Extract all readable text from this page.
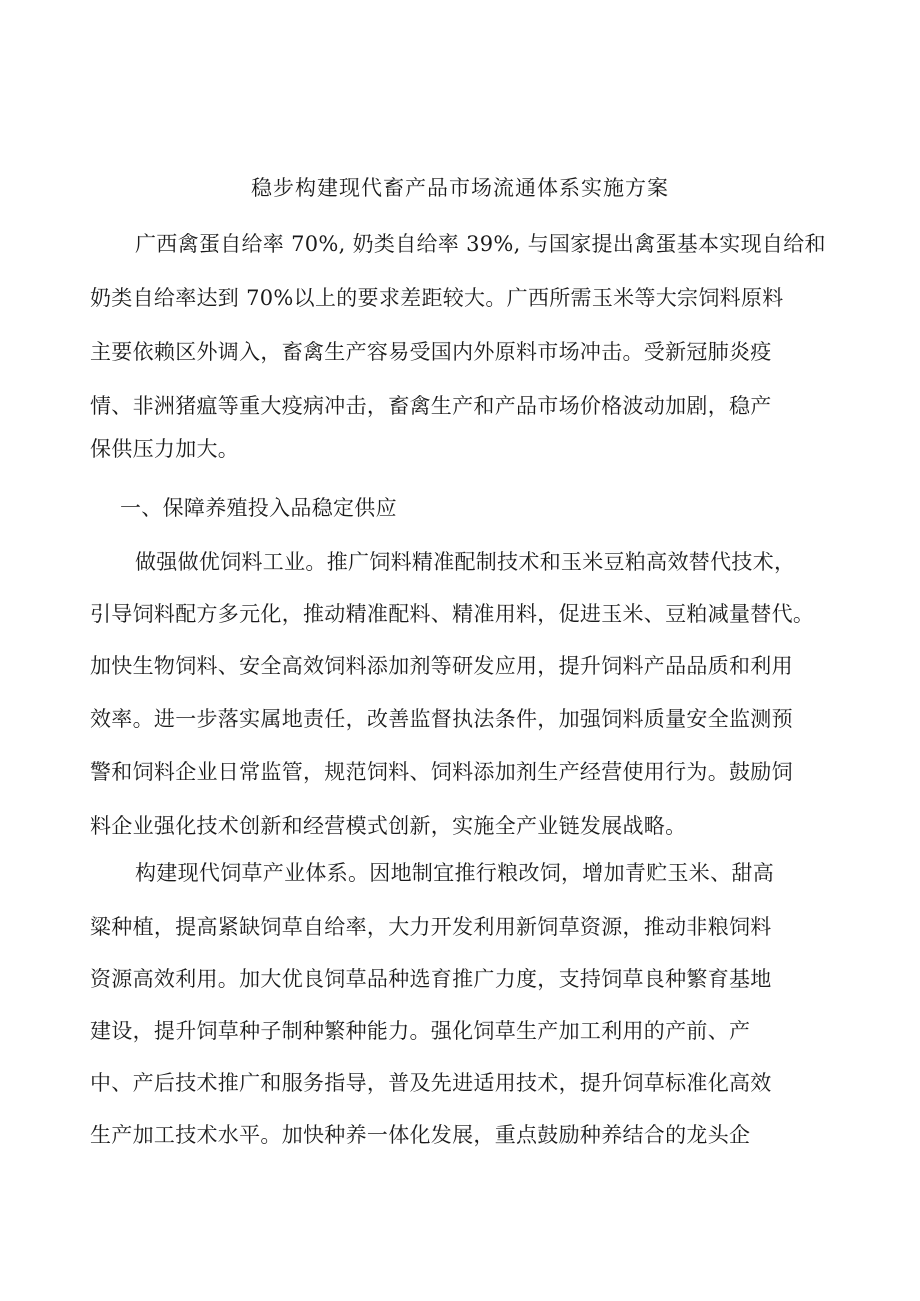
稳步构建现代畜产品市场流通体系实施方案

广西禽蛋自给率 70%, 奶类自给率 39%, 与国家提出禽蛋基本实现自给和

奶类自给率达到 70%以上的要求差距较大。广西所需玉米等大宗饲料原料

主要依赖区外调入，畜禽生产容易受国内外原料市场冲击。受新冠肺炎疫

情、非洲猪瘟等重大疫病冲击，畜禽生产和产品市场价格波动加剧，稳产

保供压力加大。

一、保障养殖投入品稳定供应

做强做优饲料工业。推广饲料精准配制技术和玉米豆粕高效替代技术，

引导饲料配方多元化，推动精准配料、精准用料，促进玉米、豆粕减量替代。

加快生物饲料、安全高效饲料添加剂等研发应用，提升饲料产品品质和利用

效率。进一步落实属地责任，改善监督执法条件，加强饲料质量安全监测预

警和饲料企业日常监管，规范饲料、饲料添加剂生产经营使用行为。鼓励饲

料企业强化技术创新和经营模式创新，实施全产业链发展战略。

构建现代饲草产业体系。因地制宜推行粮改饲，增加青贮玉米、甜高

粱种植，提高紧缺饲草自给率，大力开发利用新饲草资源，推动非粮饲料

资源高效利用。加大优良饲草品种选育推广力度，支持饲草良种繁育基地

建设，提升饲草种子制种繁种能力。强化饲草生产加工利用的产前、产

中、产后技术推广和服务指导，普及先进适用技术，提升饲草标准化高效

生产加工技术水平。加快种养一体化发展，重点鼓励种养结合的龙头企
